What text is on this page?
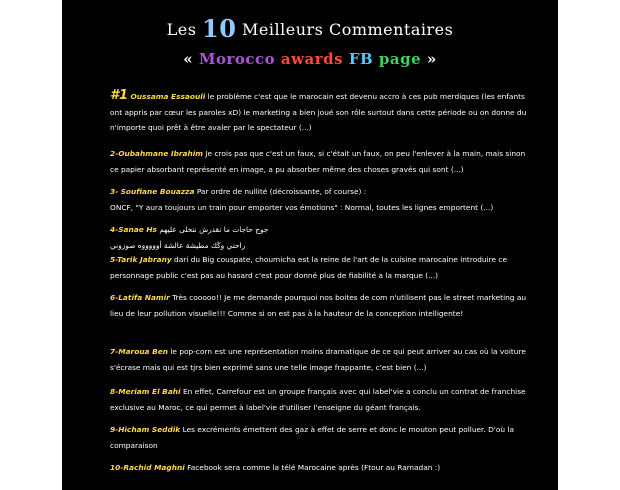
Les 10 Meilleurs Commentaires
« Morocco awards FB page »
#1 Oussama Essaouli le problème c'est que le marocain est devenu accro à ces pub merdiques (les enfants ont appris par cœur les paroles xD) le marketing a bien joué son rôle surtout dans cette période ou on donne du n'importe quoi prêt à être avaler par le spectateur (...)
2-Oubahmane Ibrahim Je crois pas que c'est un faux, si c'était un faux, on peu l'enlever à la main, mais sinon ce papier absorbant représenté en image, a pu absorber même des choses gravés qui sont (...)
3- Soufiane Bouazza Par ordre de nullité (décroissante, of course) :
ONCF, "Y aura toujours un train pour emporter vos émotions" : Normal, toutes les lignes emportent (...)
4-Sanae Hs جوج حاجات ما نقدرش نتخلى عليهم
راحتي وڭك مطيشة عالشة أوووووه صوزوني
5-Tarik Jabrany dari du Big couspate, choumicha est la reine de l'art de la cuisine marocaine introduire ce personnage public c'est pas au hasard c'est pour donné plus de fiabilité a la marque (...)
6-Latifa Namir Très cooooo!! Je me demande pourquoi nos boites de com n'utilisent pas le street marketing au lieu de leur pollution visuelle!!! Comme si on est pas à la hauteur de la conception intelligente!
7-Maroua Ben le pop-corn est une représentation moins dramatique de ce qui peut arriver au cas où la voiture s'écrase mais qui est tjrs bien exprimé sans une telle image frappante, c'est bien (...)
8-Meriam El Bahi En effet, Carrefour est un groupe français avec qui label'vie a conclu un contrat de franchise exclusive au Maroc, ce qui permet à label'vie d'utiliser l'enseigne du géant français.
9-Hicham Seddik Les excréments émettent des gaz à effet de serre et donc le mouton peut polluer. D'où la comparaison
10-Rachid Maghni Facebook sera comme la télé Marocaine après (Ftour au Ramadan :)
